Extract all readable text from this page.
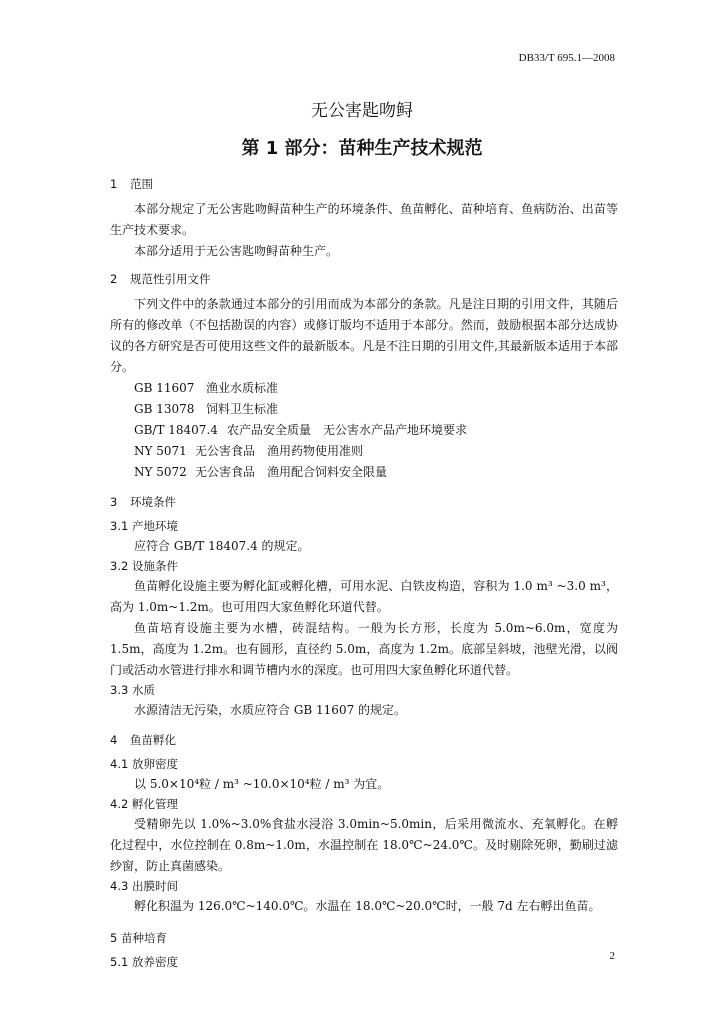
DB33/T 695.1—2008
无公害匙吻鲟
第 1 部分：苗种生产技术规范
1 范围

本部分规定了无公害匙吻鲟苗种生产的环境条件、鱼苗孵化、苗种培育、鱼病防治、出苗等生产技术要求。

本部分适用于无公害匙吻鲟苗种生产。

2 规范性引用文件

下列文件中的条款通过本部分的引用而成为本部分的条款。凡是注日期的引用文件，其随后所有的修改单（不包括勘误的内容）或修订版均不适用于本部分。然而，鼓励根据本部分达成协议的各方研究是否可使用这些文件的最新版本。凡是不注日期的引用文件,其最新版本适用于本部分。

GB 11607 渔业水质标准
GB 13078 饲料卫生标准
GB/T 18407.4 农产品安全质量　无公害水产品产地环境要求
NY 5071 无公害食品　渔用药物使用准则
NY 5072 无公害食品　渔用配合饲料安全限量
3 环境条件
3.1 产地环境

应符合 GB/T 18407.4 的规定。

3.2 设施条件

鱼苗孵化设施主要为孵化缸或孵化槽，可用水泥、白铁皮构造，容积为 1.0 m³ ~3.0 m³，高为 1.0m~1.2m。也可用四大家鱼孵化环道代替。

鱼苗培育设施主要为水槽，砖混结构。一般为长方形，长度为 5.0m~6.0m，宽度为 1.5m，高度为 1.2m。也有圆形，直径约 5.0m，高度为 1.2m。底部呈斜坡，池壁光滑，以阀门或活动水管进行排水和调节槽内水的深度。也可用四大家鱼孵化环道代替。

3.3 水质

水源清洁无污染，水质应符合 GB 11607 的规定。

4 鱼苗孵化
4.1 放卵密度

以 5.0×10⁴粒 / m³ ~10.0×10⁴粒 / m³ 为宜。

4.2 孵化管理

受精卵先以 1.0%~3.0%食盐水浸浴 3.0min~5.0min，后采用微流水、充氧孵化。在孵化过程中，水位控制在 0.8m~1.0m，水温控制在 18.0℃~24.0℃。及时剔除死卵，勤刷过滤纱窗，防止真菌感染。

4.3 出膜时间

孵化积温为 126.0℃~140.0℃。水温在 18.0℃~20.0℃时，一般 7d 左右孵出鱼苗。

5 苗种培育
5.1 放养密度	2
